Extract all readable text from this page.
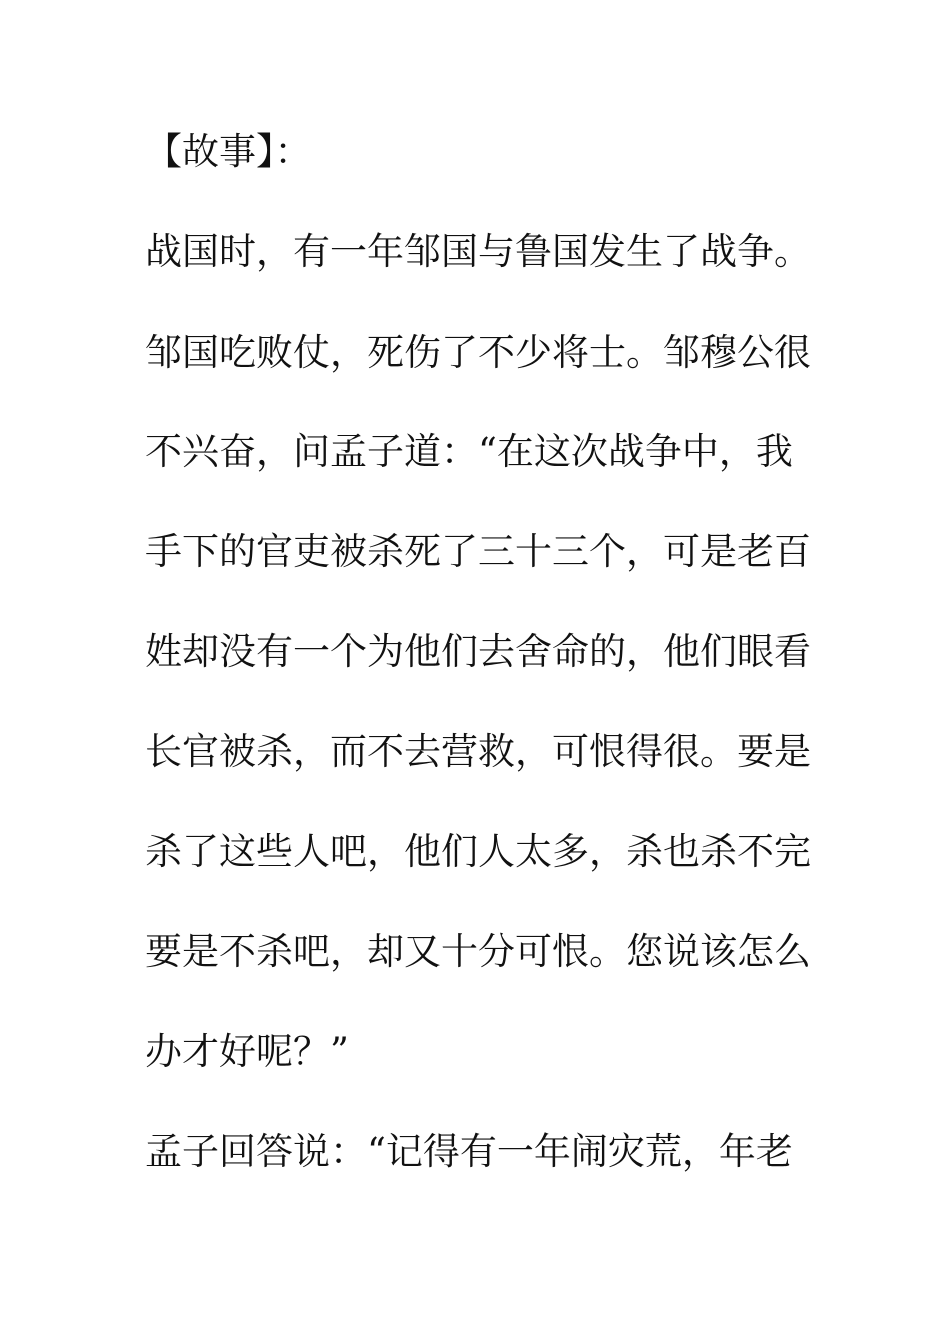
【故事】：

战国时，有一年邹国与鲁国发生了战争。

邹国吃败仗，死伤了不少将士。邹穆公很

不兴奋，问孟子道：“在这次战争中，我

手下的官吏被杀死了三十三个，可是老百

姓却没有一个为他们去舍命的，他们眼看

长官被杀，而不去营救，可恨得很。要是

杀了这些人吧，他们人太多，杀也杀不完

要是不杀吧，却又十分可恨。您说该怎么

办才好呢？”

孟子回答说：“记得有一年闹灾荒，年老
